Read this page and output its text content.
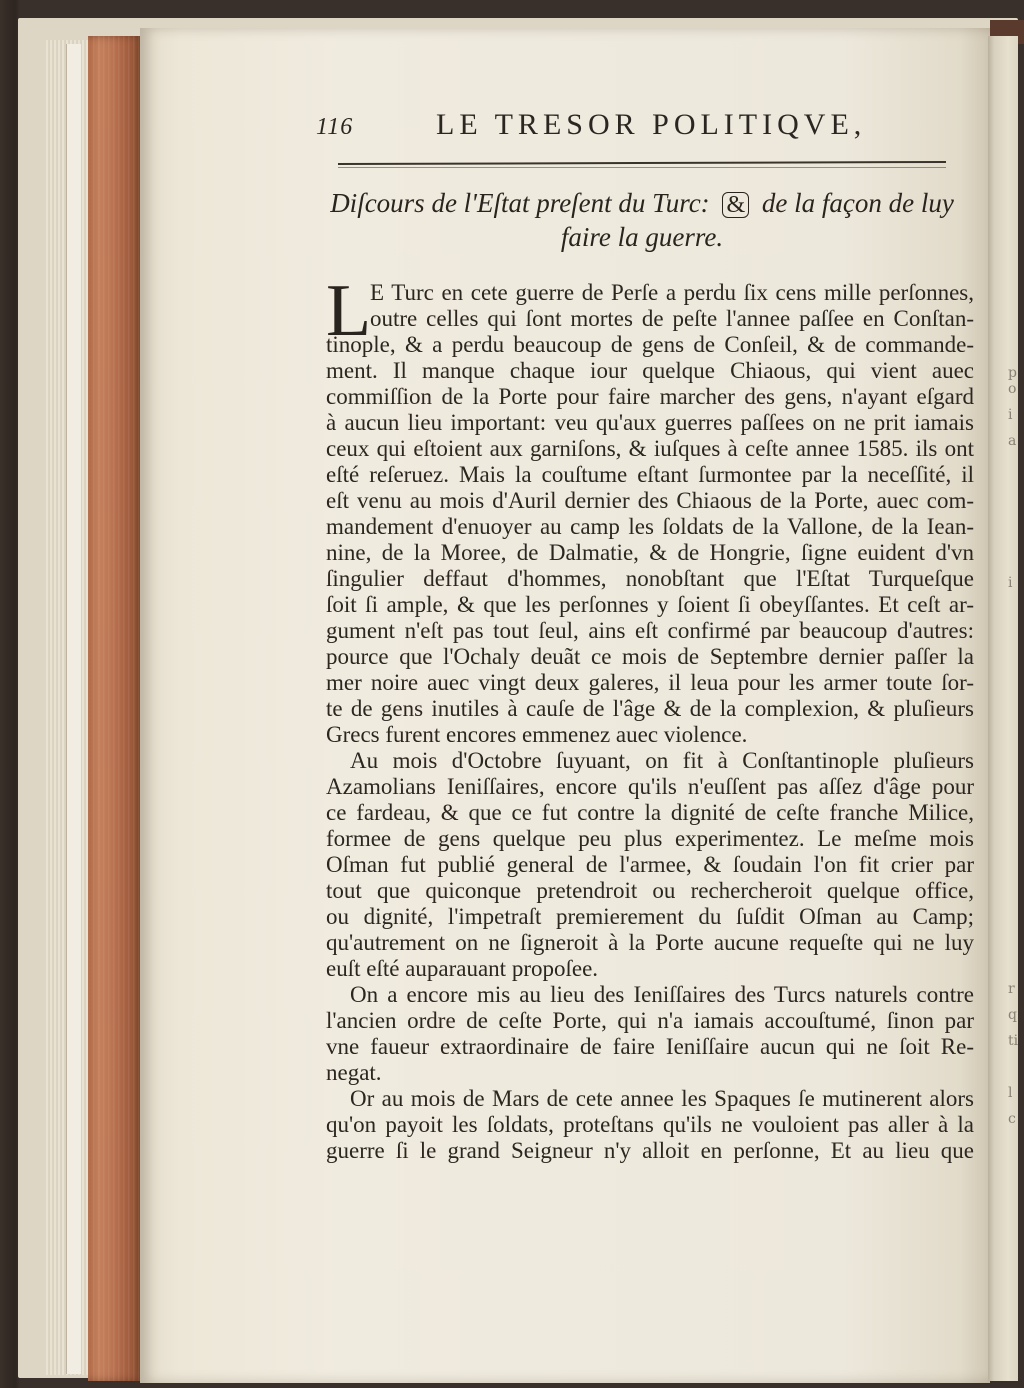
p
o
i
a
i
r
q
ti
l
c
116	LE TRESOR POLITIQVE,
Diſcours de l'Eſtat preſent du Turc: & de la façon de luy
faire la guerre.
L
E Turc en cete guerre de Perſe a perdu ſix cens mille perſonnes,
outre celles qui ſont mortes de peſte l'annee paſſee en Conſtan-
tinople, & a perdu beaucoup de gens de Conſeil, & de commande-
ment. Il manque chaque iour quelque Chiaous, qui vient auec
commiſſion de la Porte pour faire marcher des gens, n'ayant eſgard
à aucun lieu important: veu qu'aux guerres paſſees on ne prit iamais
ceux qui eſtoient aux garniſons, & iuſques à ceſte annee 1585. ils ont
eſté reſeruez. Mais la couſtume eſtant ſurmontee par la neceſſité, il
eſt venu au mois d'Auril dernier des Chiaous de la Porte, auec com-
mandement d'enuoyer au camp les ſoldats de la Vallone, de la Iean-
nine, de la Moree, de Dalmatie, & de Hongrie, ſigne euident d'vn
ſingulier deffaut d'hommes, nonobſtant que l'Eſtat Turqueſque
ſoit ſi ample, & que les perſonnes y ſoient ſi obeyſſantes. Et ceſt ar-
gument n'eſt pas tout ſeul, ains eſt confirmé par beaucoup d'autres:
pource que l'Ochaly deuãt ce mois de Septembre dernier paſſer la
mer noire auec vingt deux galeres, il leua pour les armer toute ſor-
te de gens inutiles à cauſe de l'âge & de la complexion, & pluſieurs
Grecs furent encores emmenez auec violence.
Au mois d'Octobre ſuyuant, on fit à Conſtantinople pluſieurs
Azamolians Ieniſſaires, encore qu'ils n'euſſent pas aſſez d'âge pour
ce fardeau, & que ce fut contre la dignité de ceſte franche Milice,
formee de gens quelque peu plus experimentez. Le meſme mois
Oſman fut publié general de l'armee, & ſoudain l'on fit crier par
tout que quiconque pretendroit ou rechercheroit quelque office,
ou dignité, l'impetraſt premierement du ſuſdit Oſman au Camp;
qu'autrement on ne ſigneroit à la Porte aucune requeſte qui ne luy
euſt eſté auparauant propoſee.
On a encore mis au lieu des Ieniſſaires des Turcs naturels contre
l'ancien ordre de ceſte Porte, qui n'a iamais accouſtumé, ſinon par
vne faueur extraordinaire de faire Ieniſſaire aucun qui ne ſoit Re-
negat.
Or au mois de Mars de cete annee les Spaques ſe mutinerent alors
qu'on payoit les ſoldats, proteſtans qu'ils ne vouloient pas aller à la
guerre ſi le grand Seigneur n'y alloit en perſonne, Et au lieu que
